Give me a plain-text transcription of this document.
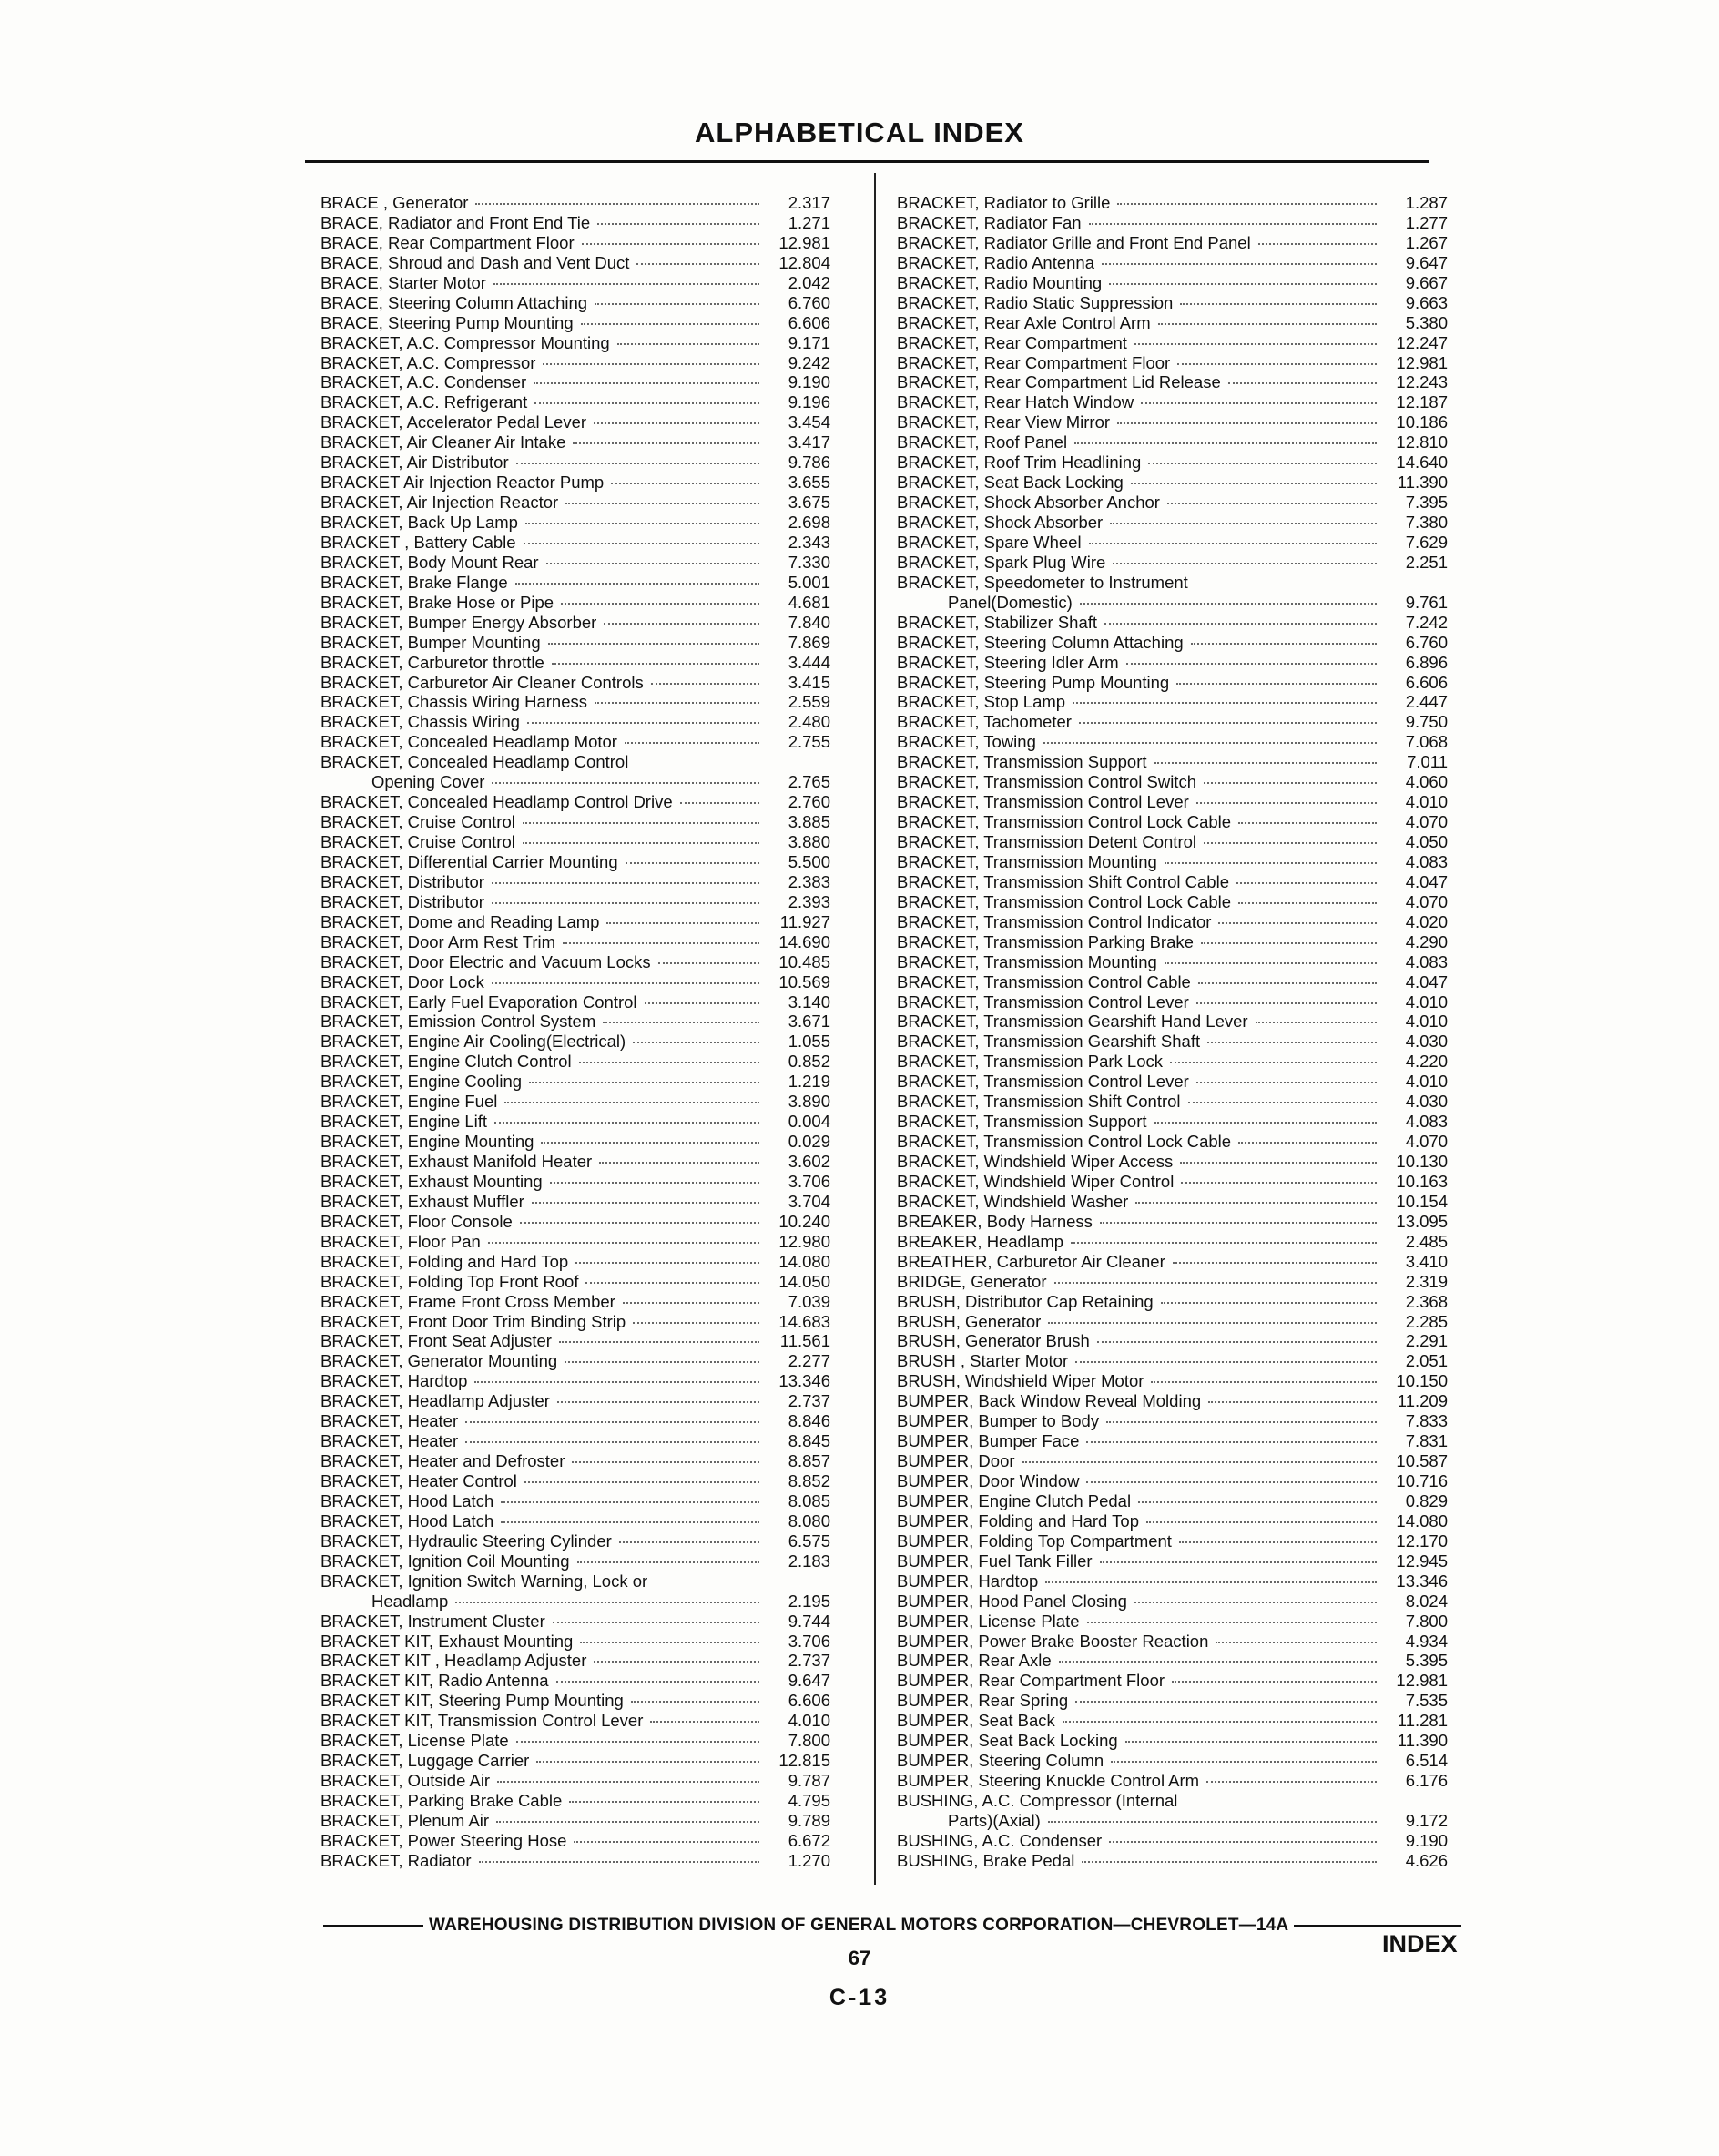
ALPHABETICAL INDEX
BRACE , Generator	2.317
BRACE, Radiator and Front End Tie	1.271
BRACE, Rear Compartment Floor	12.981
BRACE, Shroud and Dash and Vent Duct	12.804
BRACE, Starter Motor	2.042
BRACE, Steering Column Attaching	6.760
BRACE, Steering Pump Mounting	6.606
BRACKET, A.C. Compressor Mounting	9.171
BRACKET, A.C. Compressor	9.242
BRACKET, A.C. Condenser	9.190
BRACKET, A.C. Refrigerant	9.196
BRACKET, Accelerator Pedal Lever	3.454
BRACKET, Air Cleaner Air Intake	3.417
BRACKET, Air Distributor	9.786
BRACKET Air Injection Reactor Pump	3.655
BRACKET, Air Injection Reactor	3.675
BRACKET, Back Up Lamp	2.698
BRACKET , Battery Cable	2.343
BRACKET, Body Mount Rear	7.330
BRACKET, Brake Flange	5.001
BRACKET, Brake Hose or Pipe	4.681
BRACKET, Bumper Energy Absorber	7.840
BRACKET, Bumper Mounting	7.869
BRACKET, Carburetor throttle	3.444
BRACKET, Carburetor Air Cleaner Controls	3.415
BRACKET, Chassis Wiring Harness	2.559
BRACKET, Chassis Wiring	2.480
BRACKET, Concealed Headlamp Motor	2.755
BRACKET, Concealed Headlamp Control
Opening Cover	2.765
BRACKET, Concealed Headlamp Control Drive	2.760
BRACKET, Cruise Control	3.885
BRACKET, Cruise Control	3.880
BRACKET, Differential Carrier Mounting	5.500
BRACKET, Distributor	2.383
BRACKET, Distributor	2.393
BRACKET, Dome and Reading Lamp	11.927
BRACKET, Door Arm Rest Trim	14.690
BRACKET, Door Electric and Vacuum Locks	10.485
BRACKET, Door Lock	10.569
BRACKET, Early Fuel Evaporation Control	3.140
BRACKET, Emission Control System	3.671
BRACKET, Engine Air Cooling(Electrical)	1.055
BRACKET, Engine Clutch Control	0.852
BRACKET, Engine Cooling	1.219
BRACKET, Engine Fuel	3.890
BRACKET, Engine Lift	0.004
BRACKET, Engine Mounting	0.029
BRACKET, Exhaust Manifold Heater	3.602
BRACKET, Exhaust Mounting	3.706
BRACKET, Exhaust Muffler	3.704
BRACKET, Floor Console	10.240
BRACKET, Floor Pan	12.980
BRACKET, Folding and Hard Top	14.080
BRACKET, Folding Top Front Roof	14.050
BRACKET, Frame Front Cross Member	7.039
BRACKET, Front Door Trim Binding Strip	14.683
BRACKET, Front Seat Adjuster	11.561
BRACKET, Generator Mounting	2.277
BRACKET, Hardtop	13.346
BRACKET, Headlamp Adjuster	2.737
BRACKET, Heater	8.846
BRACKET, Heater	8.845
BRACKET, Heater and Defroster	8.857
BRACKET, Heater Control	8.852
BRACKET, Hood Latch	8.085
BRACKET, Hood Latch	8.080
BRACKET, Hydraulic Steering Cylinder	6.575
BRACKET, Ignition Coil Mounting	2.183
BRACKET, Ignition Switch Warning, Lock or
Headlamp	2.195
BRACKET, Instrument Cluster	9.744
BRACKET KIT, Exhaust Mounting	3.706
BRACKET KIT , Headlamp Adjuster	2.737
BRACKET KIT, Radio Antenna	9.647
BRACKET KIT, Steering Pump Mounting	6.606
BRACKET KIT, Transmission Control Lever	4.010
BRACKET, License Plate	7.800
BRACKET, Luggage Carrier	12.815
BRACKET, Outside Air	9.787
BRACKET, Parking Brake Cable	4.795
BRACKET, Plenum Air	9.789
BRACKET, Power Steering Hose	6.672
BRACKET, Radiator	1.270
BRACKET, Radiator to Grille	1.287
BRACKET, Radiator Fan	1.277
BRACKET, Radiator Grille and Front End Panel	1.267
BRACKET, Radio Antenna	9.647
BRACKET, Radio Mounting	9.667
BRACKET, Radio Static Suppression	9.663
BRACKET, Rear Axle Control Arm	5.380
BRACKET, Rear Compartment	12.247
BRACKET, Rear Compartment Floor	12.981
BRACKET, Rear Compartment Lid Release	12.243
BRACKET, Rear Hatch Window	12.187
BRACKET, Rear View Mirror	10.186
BRACKET, Roof Panel	12.810
BRACKET, Roof Trim Headlining	14.640
BRACKET, Seat Back Locking	11.390
BRACKET, Shock Absorber Anchor	7.395
BRACKET, Shock Absorber	7.380
BRACKET, Spare Wheel	7.629
BRACKET, Spark Plug Wire	2.251
BRACKET, Speedometer to Instrument
Panel(Domestic)	9.761
BRACKET, Stabilizer Shaft	7.242
BRACKET, Steering Column Attaching	6.760
BRACKET, Steering Idler Arm	6.896
BRACKET, Steering Pump Mounting	6.606
BRACKET, Stop Lamp	2.447
BRACKET, Tachometer	9.750
BRACKET, Towing	7.068
BRACKET, Transmission Support	7.011
BRACKET, Transmission Control Switch	4.060
BRACKET, Transmission Control Lever	4.010
BRACKET, Transmission Control Lock Cable	4.070
BRACKET, Transmission Detent Control	4.050
BRACKET, Transmission Mounting	4.083
BRACKET, Transmission Shift Control Cable	4.047
BRACKET, Transmission Control Lock Cable	4.070
BRACKET, Transmission Control Indicator	4.020
BRACKET, Transmission Parking Brake	4.290
BRACKET, Transmission Mounting	4.083
BRACKET, Transmission Control Cable	4.047
BRACKET, Transmission Control Lever	4.010
BRACKET, Transmission Gearshift Hand Lever	4.010
BRACKET, Transmission Gearshift Shaft	4.030
BRACKET, Transmission Park Lock	4.220
BRACKET, Transmission Control Lever	4.010
BRACKET, Transmission Shift Control	4.030
BRACKET, Transmission Support	4.083
BRACKET, Transmission Control Lock Cable	4.070
BRACKET, Windshield Wiper Access	10.130
BRACKET, Windshield Wiper Control	10.163
BRACKET, Windshield Washer	10.154
BREAKER, Body Harness	13.095
BREAKER, Headlamp	2.485
BREATHER, Carburetor Air Cleaner	3.410
BRIDGE, Generator	2.319
BRUSH, Distributor Cap Retaining	2.368
BRUSH, Generator	2.285
BRUSH, Generator Brush	2.291
BRUSH , Starter Motor	2.051
BRUSH, Windshield Wiper Motor	10.150
BUMPER, Back Window Reveal Molding	11.209
BUMPER, Bumper to Body	7.833
BUMPER, Bumper Face	7.831
BUMPER, Door	10.587
BUMPER, Door Window	10.716
BUMPER, Engine Clutch Pedal	0.829
BUMPER, Folding and Hard Top	14.080
BUMPER, Folding Top Compartment	12.170
BUMPER, Fuel Tank Filler	12.945
BUMPER, Hardtop	13.346
BUMPER, Hood Panel Closing	8.024
BUMPER, License Plate	7.800
BUMPER, Power Brake Booster Reaction	4.934
BUMPER, Rear Axle	5.395
BUMPER, Rear Compartment Floor	12.981
BUMPER, Rear Spring	7.535
BUMPER, Seat Back	11.281
BUMPER, Seat Back Locking	11.390
BUMPER, Steering Column	6.514
BUMPER, Steering Knuckle Control Arm	6.176
BUSHING, A.C. Compressor (Internal
Parts)(Axial)	9.172
BUSHING, A.C. Condenser	9.190
BUSHING, Brake Pedal	4.626
WAREHOUSING DISTRIBUTION DIVISION OF GENERAL MOTORS CORPORATION—CHEVROLET—14A
INDEX
67
C-13
